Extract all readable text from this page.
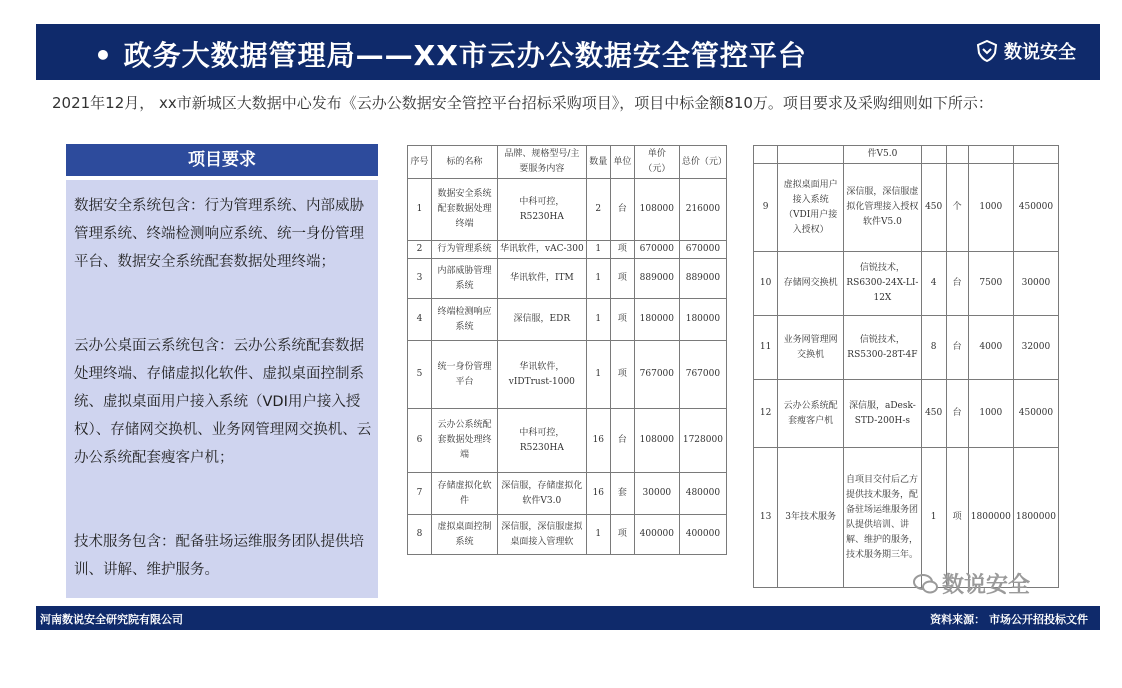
• 政务大数据管理局——XX市云办公数据安全管控平台	数说安全
2021年12月， xx市新城区大数据中心发布《云办公数据安全管控平台招标采购项目》，项目中标金额810万。项目要求及采购细则如下所示：
项目要求

数据安全系统包含：行为管理系统、内部威胁管理系统、终端检测响应系统、统一身份管理平台、数据安全系统配套数据处理终端；

云办公桌面云系统包含：云办公系统配套数据处理终端、存储虚拟化软件、虚拟桌面控制系统、虚拟桌面用户接入系统（VDI用户接入授权）、存储网交换机、业务网管理网交换机、云办公系统配套瘦客户机；

技术服务包含：配备驻场运维服务团队提供培训、讲解、维护服务。

序号	标的名称	品牌、规格型号/主要服务内容	数量	单位	单价（元）	总价（元）
1	数据安全系统配套数据处理终端	中科可控，R5230HA	2	台	108000	216000
2	行为管理系统	华讯软件，vAC-300	1	项	670000	670000
3	内部威胁管理系统	华讯软件，ITM	1	项	889000	889000
4	终端检测响应系统	深信服，EDR	1	项	180000	180000
5	统一身份管理平台	华讯软件，vIDTrust-1000	1	项	767000	767000
6	云办公系统配套数据处理终端	中科可控，R5230HA	16	台	108000	1728000
7	存储虚拟化软件	深信服，存储虚拟化软件V3.0	16	套	30000	480000
8	虚拟桌面控制系统	深信服，深信服虚拟桌面接入管理软	1	项	400000	400000
		件V5.0				
9	虚拟桌面用户接入系统（VDI用户接入授权）	深信服，深信服虚拟化管理接入授权软件V5.0	450	个	1000	450000
10	存储网交换机	信锐技术，RS6300-24X-LI-12X	4	台	7500	30000
11	业务网管理网交换机	信锐技术，RS5300-28T-4F	8	台	4000	32000
12	云办公系统配套瘦客户机	深信服，aDesk-STD-200H-s	450	台	1000	450000
13	3年技术服务	自项目交付后乙方提供技术服务，配备驻场运维服务团队提供培训、讲解、维护的服务，技术服务期三年。	1	项	1800000	1800000
数说安全
河南数说安全研究院有限公司	资料来源： 市场公开招投标文件
